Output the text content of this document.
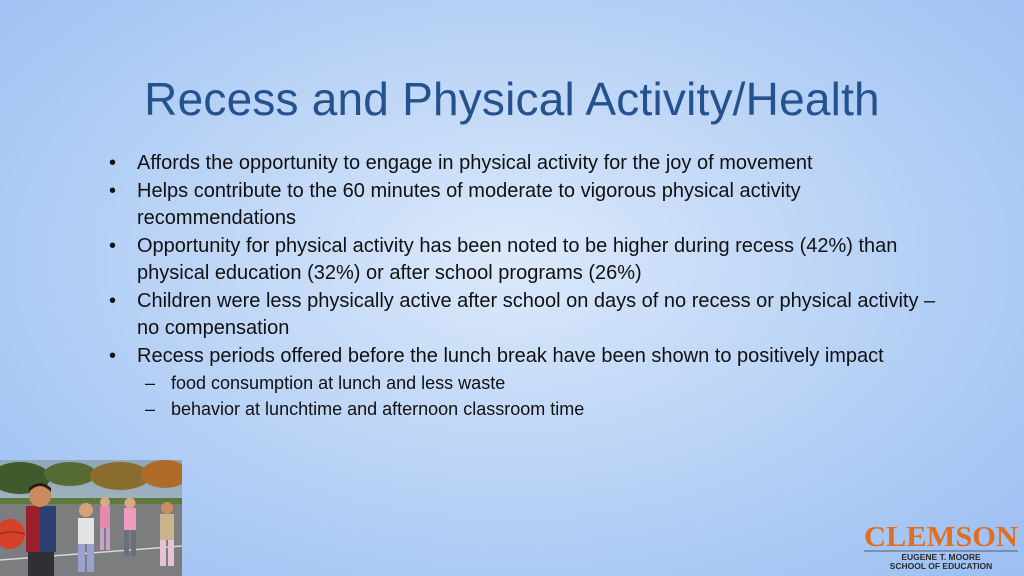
Recess and Physical Activity/Health
• Affords the opportunity to engage in physical activity for the joy of movement
• Helps contribute to the 60 minutes of moderate to vigorous physical activity recommendations
• Opportunity for physical activity has been noted to be higher during recess (42%) than physical education (32%) or after school programs (26%)
• Children were less physically active after school on days of no recess or physical activity – no compensation
• Recess periods offered before the lunch break have been shown to positively impact
– food consumption at lunch and less waste
– behavior at lunchtime and afternoon classroom time
CLEMSON
EUGENE T. MOORE
SCHOOL OF EDUCATION
